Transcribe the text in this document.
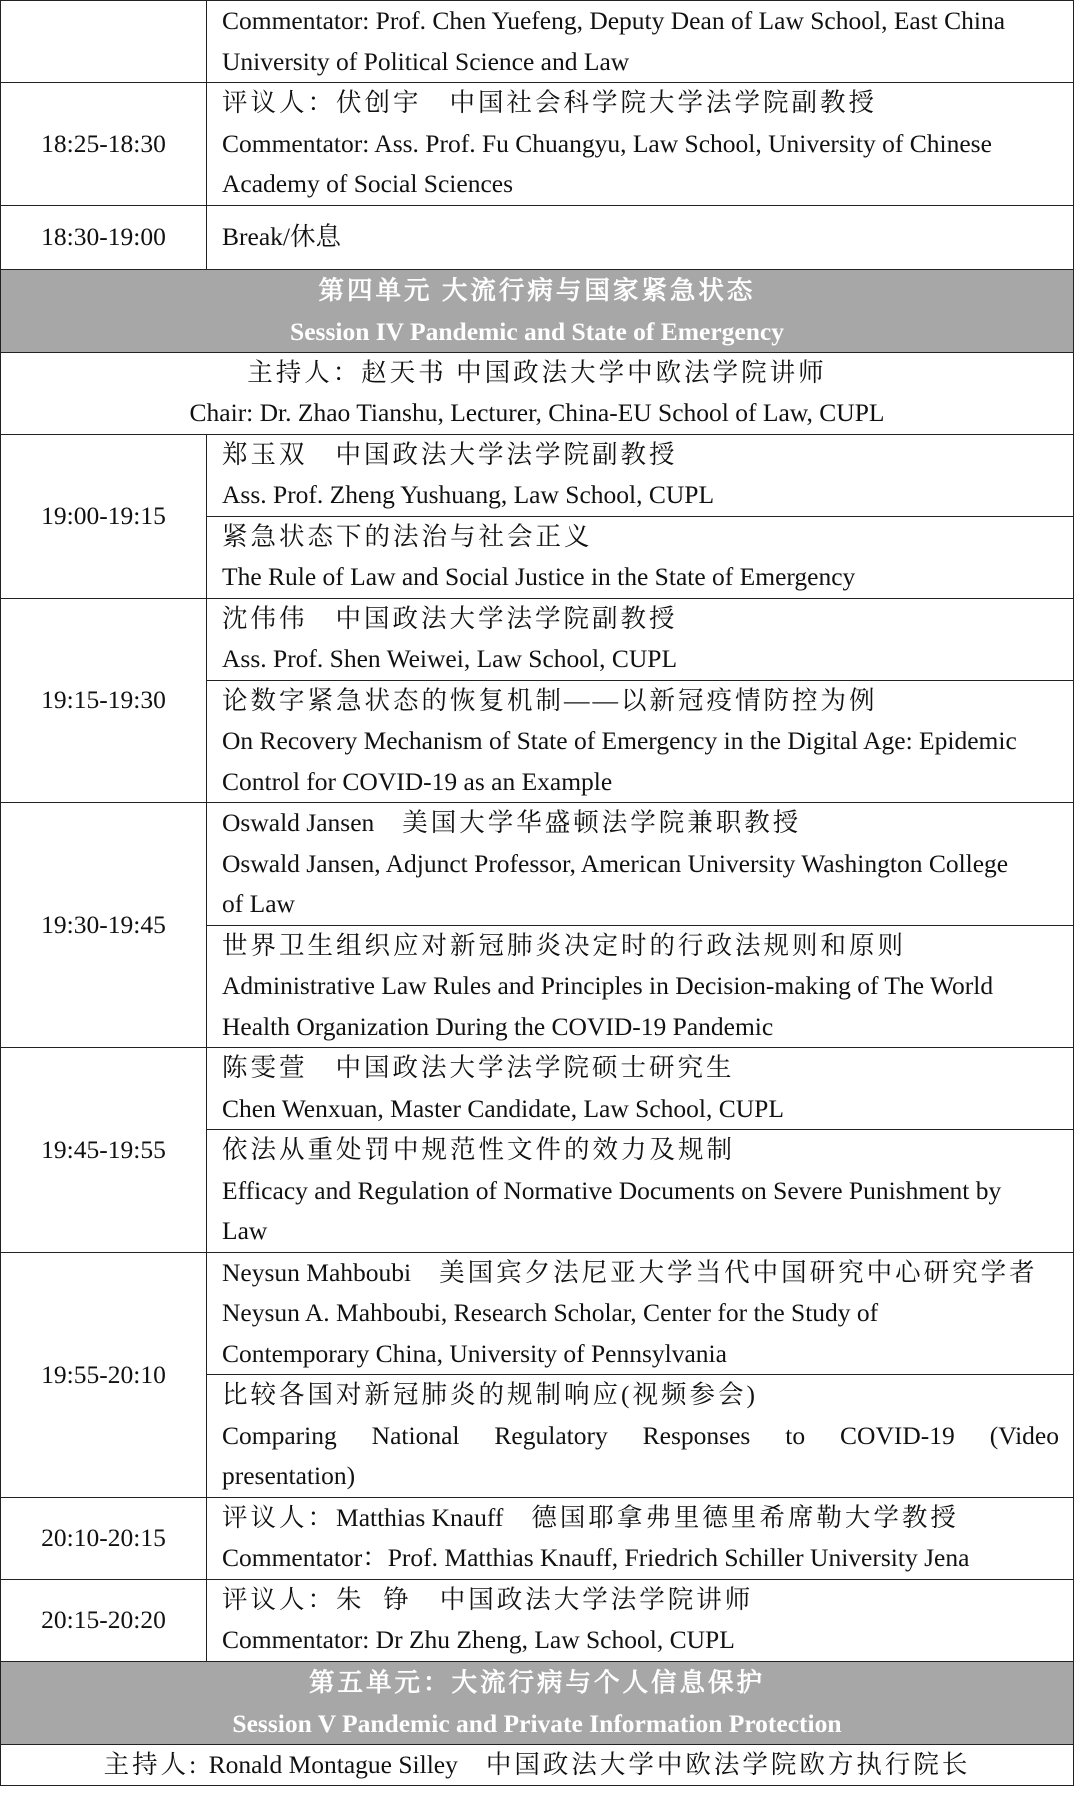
	Commentator: Prof. Chen Yuefeng, Deputy Dean of Law School, East China
University of Political Science and Law

18:25-18:30	评议人：伏创宇 中国社会科学院大学法学院副教授
Commentator: Ass. Prof. Fu Chuangyu, Law School, University of Chinese
Academy of Social Sciences

18:30-19:00	Break/休息

第四单元 大流行病与国家紧急状态
Session IV Pandemic and State of Emergency	

主持人：赵天书 中国政法大学中欧法学院讲师
Chair: Dr. Zhao Tianshu, Lecturer, China-EU School of Law, CUPL	

19:00-19:15	郑玉双 中国政法大学法学院副教授
Ass. Prof. Zheng Yushuang, Law School, CUPL

	紧急状态下的法治与社会正义
The Rule of Law and Social Justice in the State of Emergency

19:15-19:30	沈伟伟 中国政法大学法学院副教授
Ass. Prof. Shen Weiwei, Law School, CUPL

	论数字紧急状态的恢复机制——以新冠疫情防控为例
On Recovery Mechanism of State of Emergency in the Digital Age: Epidemic
Control for COVID-19 as an Example

19:30-19:45	Oswald Jansen 美国大学华盛顿法学院兼职教授
Oswald Jansen, Adjunct Professor, American University Washington College
of Law

	世界卫生组织应对新冠肺炎决定时的行政法规则和原则
Administrative Law Rules and Principles in Decision-making of The World
Health Organization During the COVID-19 Pandemic

19:45-19:55	陈雯萱 中国政法大学法学院硕士研究生
Chen Wenxuan, Master Candidate, Law School, CUPL

	依法从重处罚中规范性文件的效力及规制
Efficacy and Regulation of Normative Documents on Severe Punishment by
Law

19:55-20:10	Neysun Mahboubi 美国宾夕法尼亚大学当代中国研究中心研究学者
Neysun A. Mahboubi, Research Scholar, Center for the Study of
Contemporary China, University of Pennsylvania

	比较各国对新冠肺炎的规制响应(视频参会)
Comparing National Regulatory Responses to COVID-19 (Video
presentation)

20:10-20:15	评议人：Matthias Knauff 德国耶拿弗里德里希席勒大学教授
Commentator：Prof. Matthias Knauff, Friedrich Schiller University Jena

20:15-20:20	评议人：朱  铮 中国政法大学法学院讲师
Commentator: Dr Zhu Zheng, Law School, CUPL

第五单元：大流行病与个人信息保护
Session V Pandemic and Private Information Protection	

主持人: Ronald Montague Silley 中国政法大学中欧法学院欧方执行院长	
